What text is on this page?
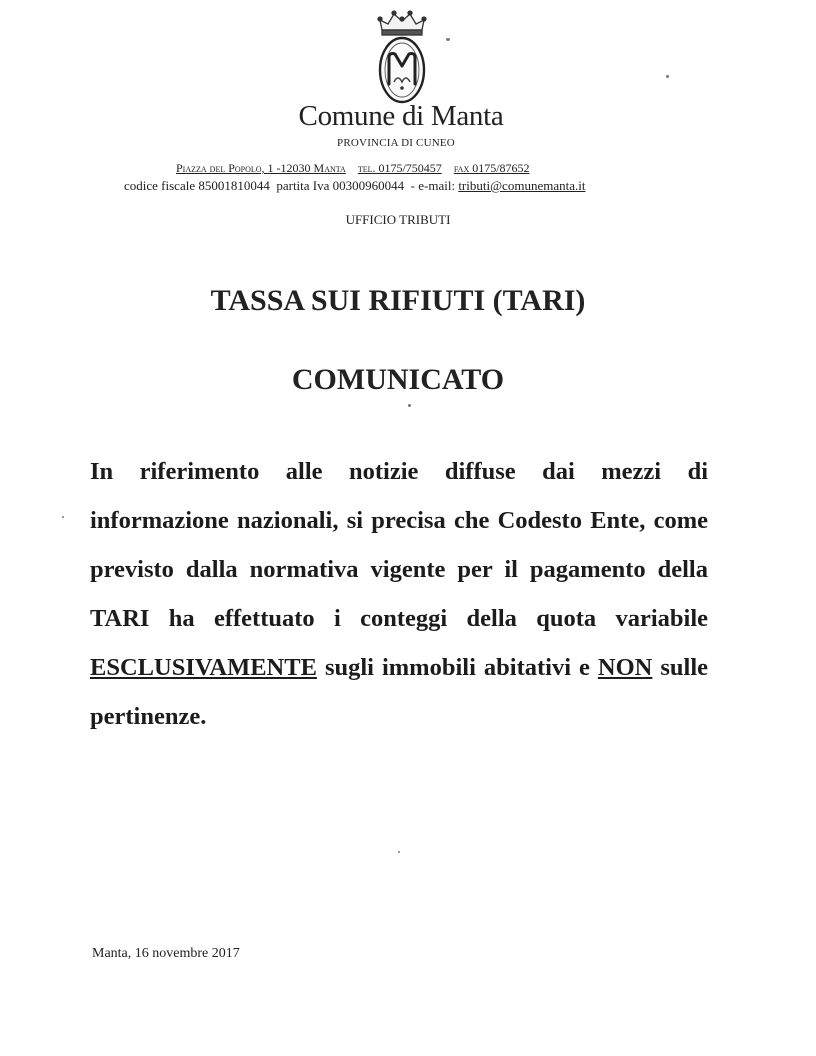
Comune di Manta
PROVINCIA DI CUNEO
Piazza del Popolo, 1 -12030 Manta tel. 0175/750457 fax 0175/87652
codice fiscale 85001810044 partita Iva 00300960044 - e-mail: tributi@comunemanta.it
UFFICIO TRIBUTI
TASSA SUI RIFIUTI (TARI)
COMUNICATO
In riferimento alle notizie diffuse dai mezzi di informazione nazionali, si precisa che Codesto Ente, come previsto dalla normativa vigente per il pagamento della TARI ha effettuato i conteggi della quota variabile ESCLUSIVAMENTE sugli immobili abitativi e NON sulle pertinenze.
Manta, 16 novembre 2017
